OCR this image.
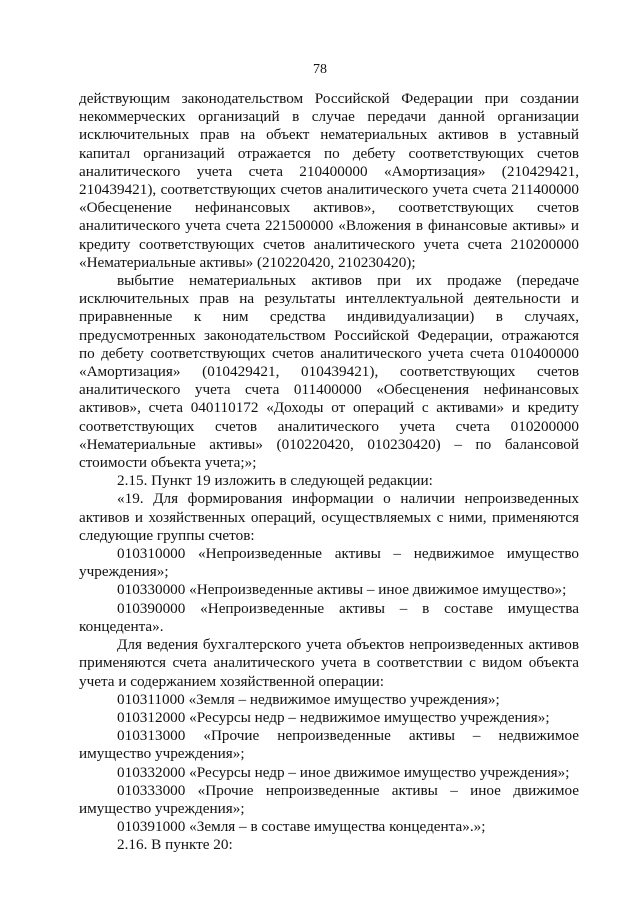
78

действующим законодательством Российской Федерации при создании некоммерческих организаций в случае передачи данной организации исключительных прав на объект нематериальных активов в уставный капитал организаций отражается по дебету соответствующих счетов аналитического учета счета 210400000 «Амортизация» (210429421, 210439421), соответствующих счетов аналитического учета счета 211400000 «Обесценение нефинансовых активов», соответствующих счетов аналитического учета счета 221500000 «Вложения в финансовые активы» и кредиту соответствующих счетов аналитического учета счета 210200000 «Нематериальные активы» (210220420, 210230420);

выбытие нематериальных активов при их продаже (передаче исключительных прав на результаты интеллектуальной деятельности и приравненные к ним средства индивидуализации) в случаях, предусмотренных законодательством Российской Федерации, отражаются по дебету соответствующих счетов аналитического учета счета 010400000 «Амортизация» (010429421, 010439421), соответствующих счетов аналитического учета счета 011400000 «Обесценения нефинансовых активов», счета 040110172 «Доходы от операций с активами» и кредиту соответствующих счетов аналитического учета счета 010200000 «Нематериальные активы» (010220420, 010230420) – по балансовой стоимости объекта учета;»;

2.15. Пункт 19 изложить в следующей редакции:

«19. Для формирования информации о наличии непроизведенных активов и хозяйственных операций, осуществляемых с ними, применяются следующие группы счетов:

010310000 «Непроизведенные активы – недвижимое имущество учреждения»;

010330000 «Непроизведенные активы – иное движимое имущество»;

010390000 «Непроизведенные активы – в составе имущества концедента».

Для ведения бухгалтерского учета объектов непроизведенных активов применяются счета аналитического учета в соответствии с видом объекта учета и содержанием хозяйственной операции:

010311000 «Земля – недвижимое имущество учреждения»;

010312000 «Ресурсы недр – недвижимое имущество учреждения»;

010313000 «Прочие непроизведенные активы – недвижимое имущество учреждения»;

010332000 «Ресурсы недр – иное движимое имущество учреждения»;

010333000 «Прочие непроизведенные активы – иное движимое имущество учреждения»;

010391000 «Земля – в составе имущества концедента».»;

2.16. В пункте 20:
